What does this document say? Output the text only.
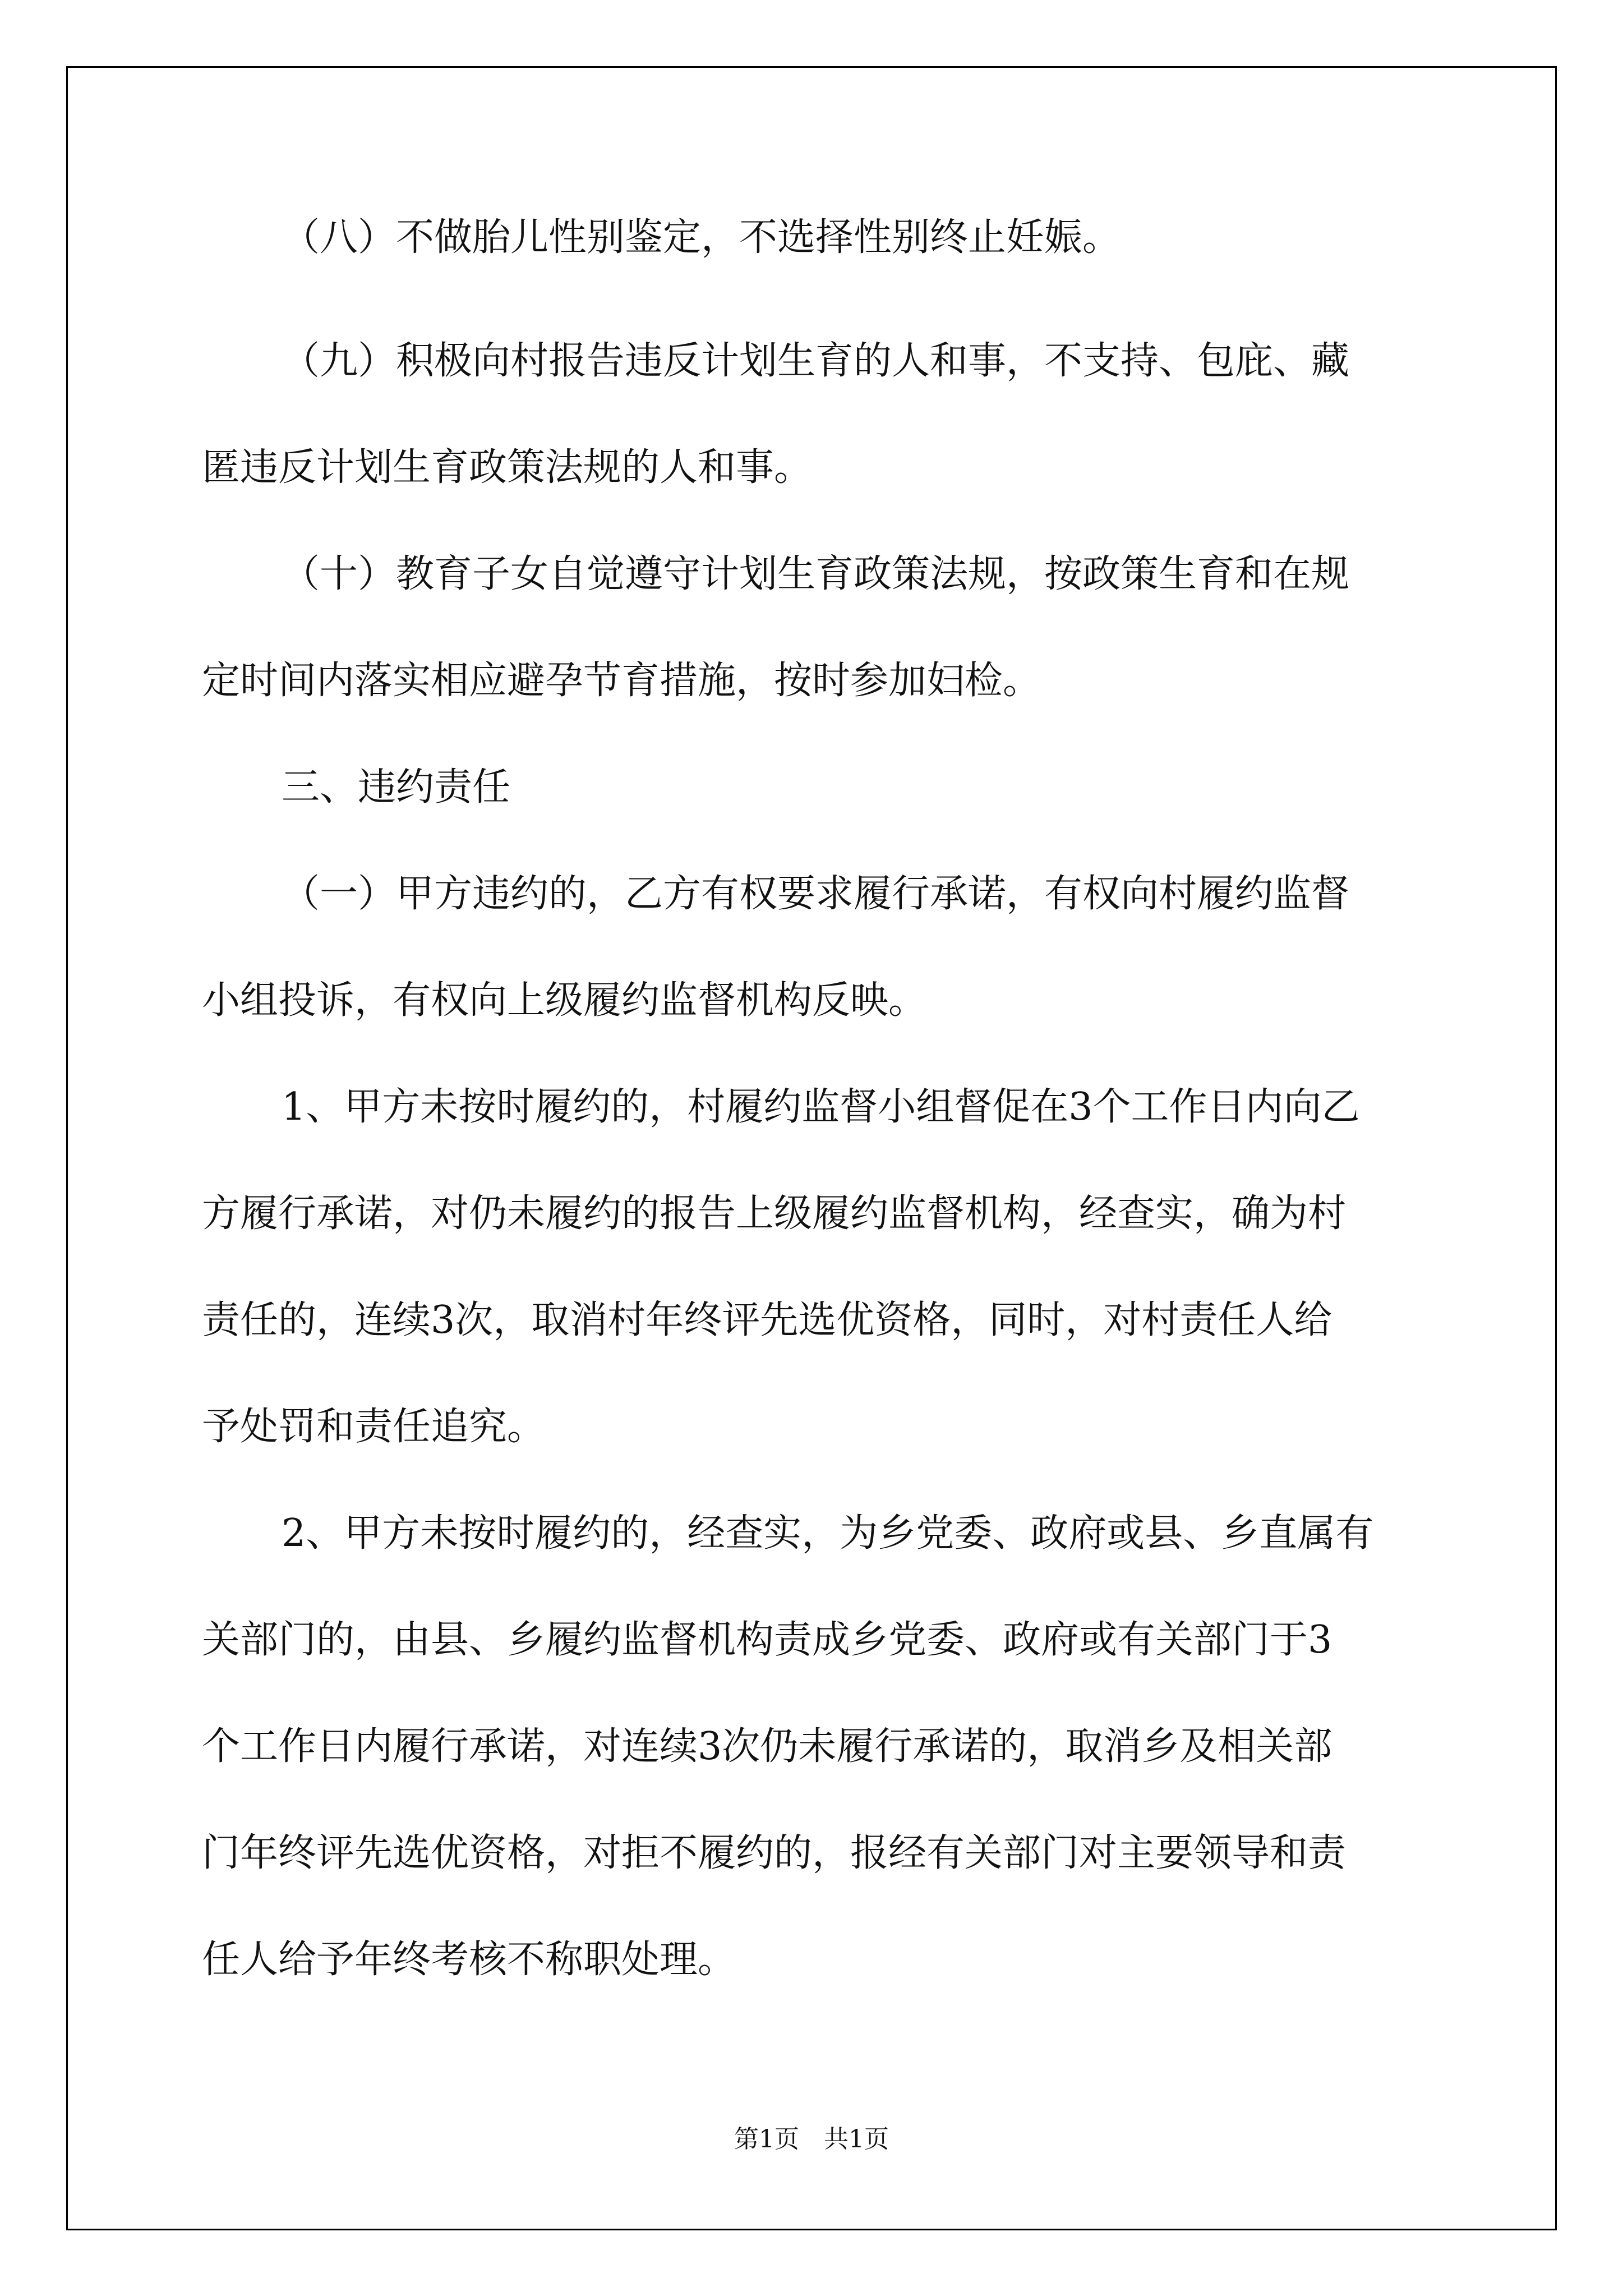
（八）不做胎儿性别鉴定，不选择性别终止妊娠。
（九）积极向村报告违反计划生育的人和事，不支持、包庇、藏
匿违反计划生育政策法规的人和事。
（十）教育子女自觉遵守计划生育政策法规，按政策生育和在规
定时间内落实相应避孕节育措施，按时参加妇检。
三、违约责任
（一）甲方违约的，乙方有权要求履行承诺，有权向村履约监督
小组投诉，有权向上级履约监督机构反映。
1、甲方未按时履约的，村履约监督小组督促在3个工作日内向乙
方履行承诺，对仍未履约的报告上级履约监督机构，经查实，确为村
责任的，连续3次，取消村年终评先选优资格，同时，对村责任人给
予处罚和责任追究。
2、甲方未按时履约的，经查实，为乡党委、政府或县、乡直属有
关部门的，由县、乡履约监督机构责成乡党委、政府或有关部门于3
个工作日内履行承诺，对连续3次仍未履行承诺的，取消乡及相关部
门年终评先选优资格，对拒不履约的，报经有关部门对主要领导和责
任人给予年终考核不称职处理。
第1页　共1页
